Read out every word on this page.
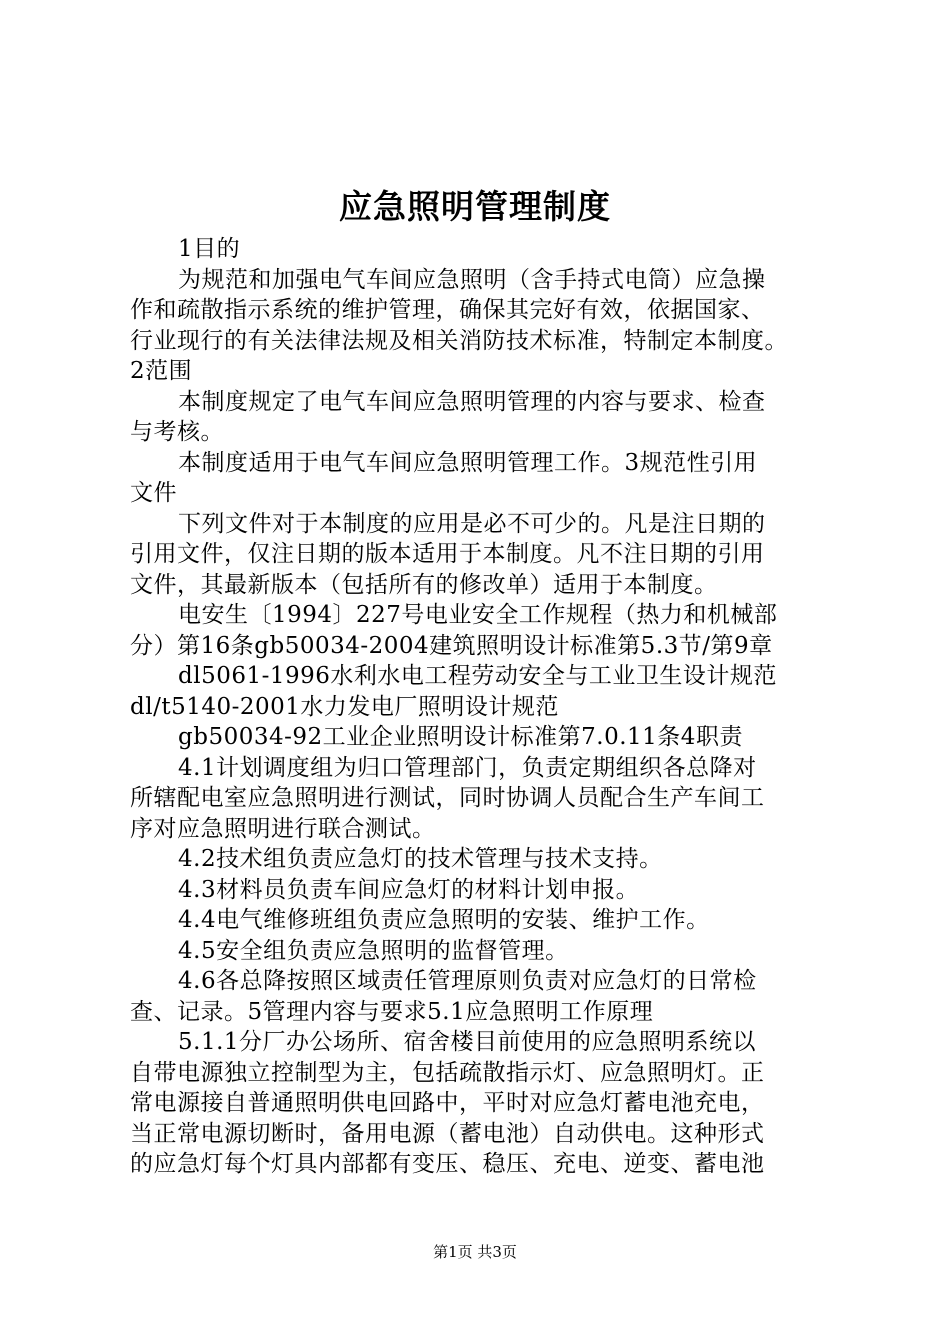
应急照明管理制度
1目的
为规范和加强电气车间应急照明（含手持式电筒）应急操
作和疏散指示系统的维护管理，确保其完好有效，依据国家、
行业现行的有关法律法规及相关消防技术标准，特制定本制度。
2范围
本制度规定了电气车间应急照明管理的内容与要求、检查
与考核。
本制度适用于电气车间应急照明管理工作。3规范性引用
文件
下列文件对于本制度的应用是必不可少的。凡是注日期的
引用文件，仅注日期的版本适用于本制度。凡不注日期的引用
文件，其最新版本（包括所有的修改单）适用于本制度。
电安生〔1994〕227号电业安全工作规程（热力和机械部
分）第16条gb50034-2004建筑照明设计标准第5.3节/第9章
dl5061-1996水利水电工程劳动安全与工业卫生设计规范
dl/t5140-2001水力发电厂照明设计规范
gb50034-92工业企业照明设计标准第7.0.11条4职责
4.1计划调度组为归口管理部门，负责定期组织各总降对
所辖配电室应急照明进行测试，同时协调人员配合生产车间工
序对应急照明进行联合测试。
4.2技术组负责应急灯的技术管理与技术支持。
4.3材料员负责车间应急灯的材料计划申报。
4.4电气维修班组负责应急照明的安装、维护工作。
4.5安全组负责应急照明的监督管理。
4.6各总降按照区域责任管理原则负责对应急灯的日常检
查、记录。5管理内容与要求5.1应急照明工作原理
5.1.1分厂办公场所、宿舍楼目前使用的应急照明系统以
自带电源独立控制型为主，包括疏散指示灯、应急照明灯。正
常电源接自普通照明供电回路中，平时对应急灯蓄电池充电，
当正常电源切断时，备用电源（蓄电池）自动供电。这种形式
的应急灯每个灯具内部都有变压、稳压、充电、逆变、蓄电池
第1页 共3页
